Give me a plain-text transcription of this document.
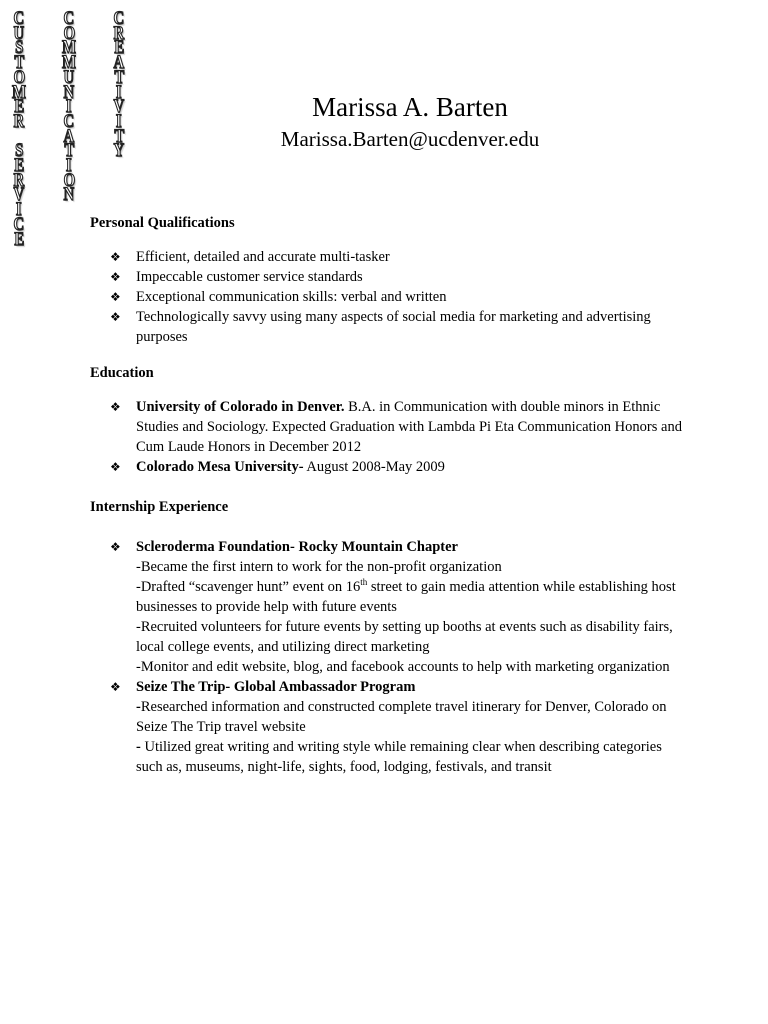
C
U
S
T
O
M
E
R

S
E
R
V
I
C
E
C
O
M
M
U
N
I
C
A
T
I
O
N
C
R
E
A
T
I
V
I
T
Y
Marissa A. Barten

Marissa.Barten@ucdenver.edu

Personal Qualifications
❖ Efficient, detailed and accurate multi-tasker
❖ Impeccable customer service standards
❖ Exceptional communication skills: verbal and written
❖ Technologically savvy using many aspects of social media for marketing and advertising purposes
Education
❖ University of Colorado in Denver. B.A. in Communication with double minors in Ethnic Studies and Sociology. Expected Graduation with Lambda Pi Eta Communication Honors and Cum Laude Honors in December 2012
❖ Colorado Mesa University- August 2008-May 2009
Internship Experience
❖ Scleroderma Foundation- Rocky Mountain Chapter
-Became the first intern to work for the non-profit organization
-Drafted “scavenger hunt” event on 16th street to gain media attention while establishing host businesses to provide help with future events
-Recruited volunteers for future events by setting up booths at events such as disability fairs, local college events, and utilizing direct marketing
-Monitor and edit website, blog, and facebook accounts to help with marketing organization
❖ Seize The Trip- Global Ambassador Program
-Researched information and constructed complete travel itinerary for Denver, Colorado on Seize The Trip travel website
- Utilized great writing and writing style while remaining clear when describing categories such as, museums, night-life, sights, food, lodging, festivals, and transit
